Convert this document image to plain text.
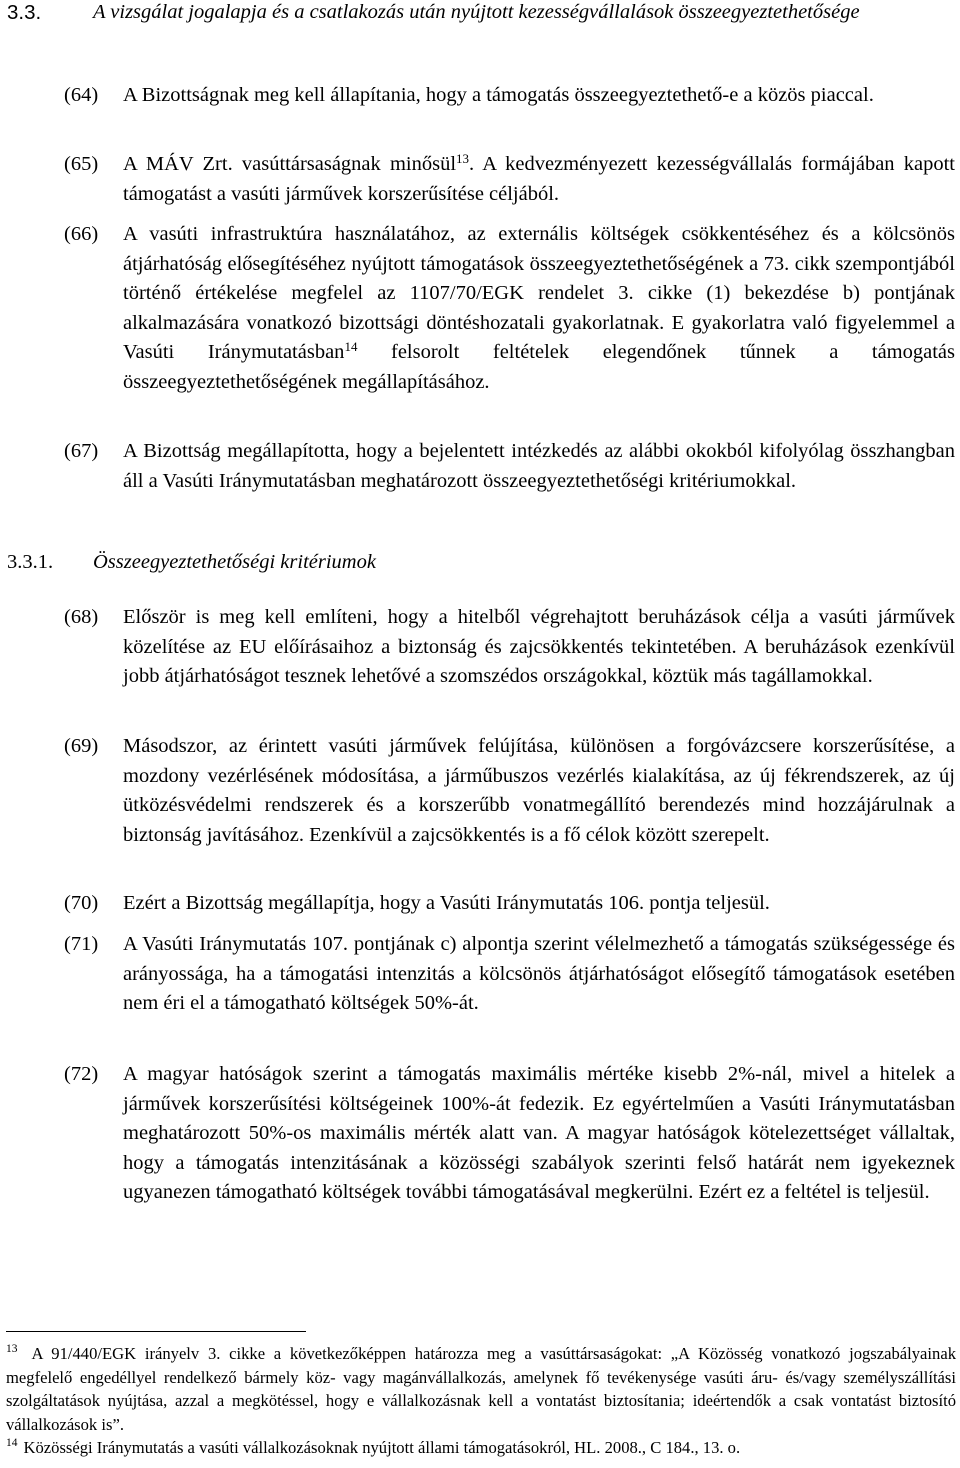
3.3.	A vizsgálat jogalapja és a csatlakozás után nyújtott kezességvállalások összeegyeztethetősége
(64) A Bizottságnak meg kell állapítania, hogy a támogatás összeegyeztethető-e a közös piaccal.
(65) A MÁV Zrt. vasúttársaságnak minősül$^{13}$. A kedvezményezett kezességvállalás formájában kapott támogatást a vasúti járművek korszerűsítése céljából.
(66) A vasúti infrastruktúra használatához, az externális költségek csökkentéséhez és a kölcsönös átjárhatóság elősegítéséhez nyújtott támogatások összeegyeztethetőségének a 73. cikk szempontjából történő értékelése megfelel az 1107/70/EGK rendelet 3. cikke (1) bekezdése b) pontjának alkalmazására vonatkozó bizottsági döntéshozatali gyakorlatnak. E gyakorlatra való figyelemmel a Vasúti Iránymutatásban$^{14}$ felsorolt feltételek elegendőnek tűnnek a támogatás összeegyeztethetőségének megállapításához.
(67) A Bizottság megállapította, hogy a bejelentett intézkedés az alábbi okokból kifolyólag összhangban áll a Vasúti Iránymutatásban meghatározott összeegyeztethetőségi kritériumokkal.
3.3.1. Összeegyeztethetőségi kritériumok
(68) Először is meg kell említeni, hogy a hitelből végrehajtott beruházások célja a vasúti járművek közelítése az EU előírásaihoz a biztonság és zajcsökkentés tekintetében. A beruházások ezenkívül jobb átjárhatóságot tesznek lehetővé a szomszédos országokkal, köztük más tagállamokkal.
(69) Másodszor, az érintett vasúti járművek felújítása, különösen a forgóvázcsere korszerűsítése, a mozdony vezérlésének módosítása, a járműbuszos vezérlés kialakítása, az új fékrendszerek, az új ütközésvédelmi rendszerek és a korszerűbb vonatmegállító berendezés mind hozzájárulnak a biztonság javításához. Ezenkívül a zajcsökkentés is a fő célok között szerepelt.
(70) Ezért a Bizottság megállapítja, hogy a Vasúti Iránymutatás 106. pontja teljesül.
(71) A Vasúti Iránymutatás 107. pontjának c) alpontja szerint vélelmezhető a támogatás szükségessége és arányossága, ha a támogatási intenzitás a kölcsönös átjárhatóságot elősegítő támogatások esetében nem éri el a támogatható költségek 50%-át.
(72) A magyar hatóságok szerint a támogatás maximális mértéke kisebb 2%-nál, mivel a hitelek a járművek korszerűsítési költségeinek 100%-át fedezik. Ez egyértelműen a Vasúti Iránymutatásban meghatározott 50%-os maximális mérték alatt van. A magyar hatóságok kötelezettséget vállaltak, hogy a támogatás intenzitásának a közösségi szabályok szerinti felső határát nem igyekeznek ugyanezen támogatható költségek további támogatásával megkerülni. Ezért ez a feltétel is teljesül.
$^{13}$ A 91/440/EGK irányelv 3. cikke a következőképpen határozza meg a vasúttársaságokat: „A Közösség vonatkozó jogszabályainak megfelelő engedéllyel rendelkező bármely köz- vagy magánvállalkozás, amelynek fő tevékenysége vasúti áru- és/vagy személyszállítási szolgáltatások nyújtása, azzal a megkötéssel, hogy e vállalkozásnak kell a vontatást biztosítania; ideértendők a csak vontatást biztosító vállalkozások is”.
$^{14}$ Közösségi Iránymutatás a vasúti vállalkozásoknak nyújtott állami támogatásokról, HL. 2008., C 184., 13. o.
